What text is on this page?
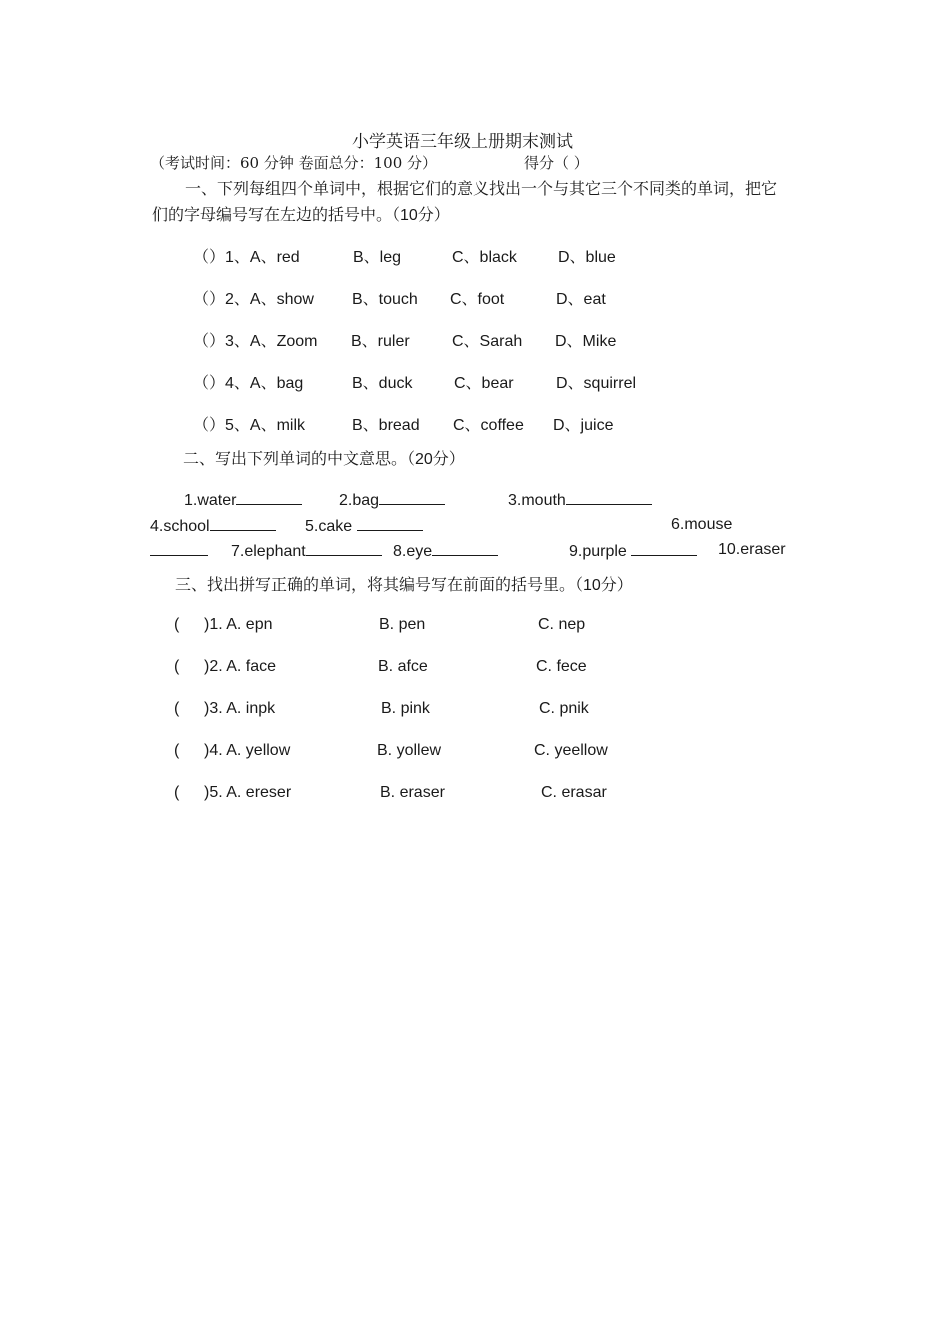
小学英语三年级上册期末测试
（考试时间：60 分钟 卷面总分：100 分）	得分（ ）
一、下列每组四个单词中，根据它们的意义找出一个与其它三个不同类的单词，把它
们的字母编号写在左边的括号中。（10分）
（）1、A、red	B、leg	C、black	D、blue
（）2、A、show B、touch C、foot	D、eat
（）3、A、Zoom B、ruler	C、Sarah D、Mike
（）4、A、bag	B、duck	C、bear	D、squirrel
（）5、A、milk	B、bread C、coffee D、juice
二、写出下列单词的中文意思。（20分）
1.water	2.bag	3.mouth
4.school	5.cake	6.mouse
7.elephant	8.eye	9.purple	10.eraser
三、找出拼写正确的单词，将其编号写在前面的括号里。（10分）
( )1. A. epn	B. pen	C. nep
( )2. A. face	B. afce	C. fece
( )3. A. inpk	B. pink	C. pnik
( )4. A. yellow	B. yollew	C. yeellow
( )5. A. ereser	B. eraser	C. erasar
